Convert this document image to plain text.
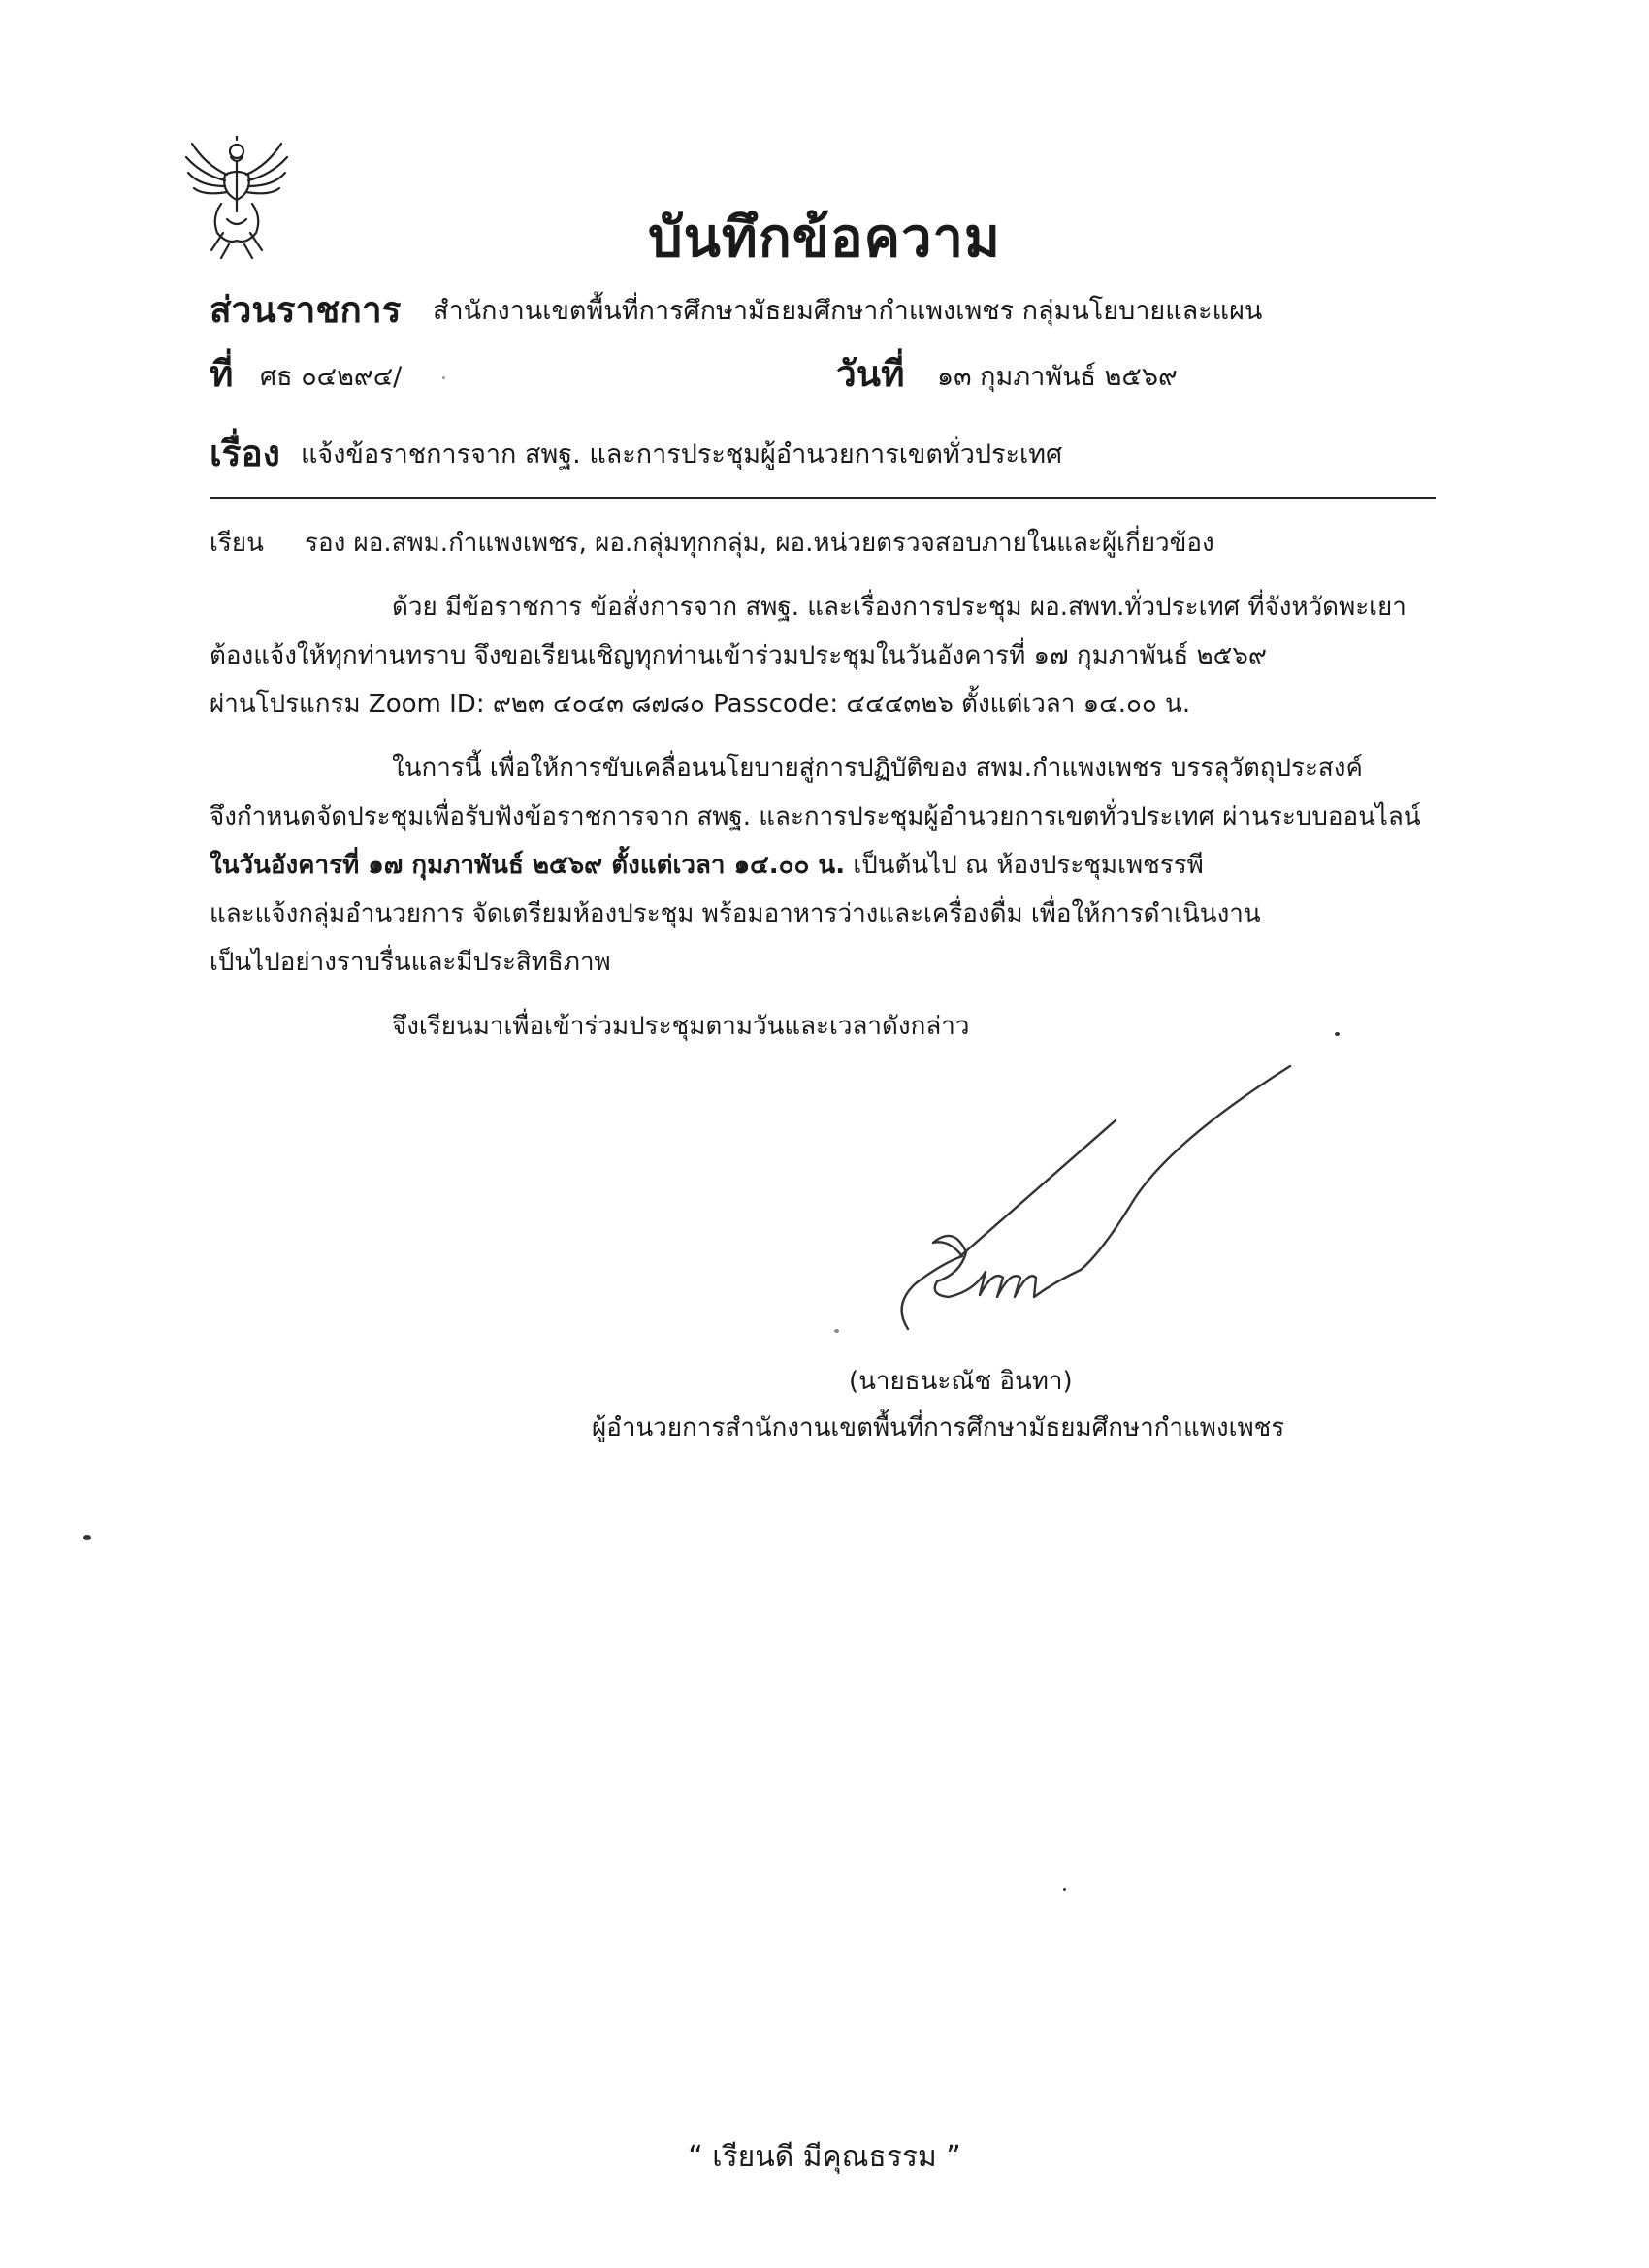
บันทึกข้อความ
ส่วนราชการ สำนักงานเขตพื้นที่การศึกษามัธยมศึกษากำแพงเพชร กลุ่มนโยบายและแผน
ที่ ศธ ๐๔๒๙๔/	วันที่ ๑๓ กุมภาพันธ์ ๒๕๖๙
เรื่อง แจ้งข้อราชการจาก สพฐ. และการประชุมผู้อำนวยการเขตทั่วประเทศ
เรียน รอง ผอ.สพม.กำแพงเพชร, ผอ.กลุ่มทุกกลุ่ม, ผอ.หน่วยตรวจสอบภายในและผู้เกี่ยวข้อง
ด้วย มีข้อราชการ ข้อสั่งการจาก สพฐ. และเรื่องการประชุม ผอ.สพท.ทั่วประเทศ ที่จังหวัดพะเยา
ต้องแจ้งให้ทุกท่านทราบ จึงขอเรียนเชิญทุกท่านเข้าร่วมประชุมในวันอังคารที่ ๑๗ กุมภาพันธ์ ๒๕๖๙
ผ่านโปรแกรม Zoom ID: ๙๒๓ ๔๐๔๓ ๘๗๘๐ Passcode: ๔๔๔๓๒๖ ตั้งแต่เวลา ๑๔.๐๐ น.
ในการนี้ เพื่อให้การขับเคลื่อนนโยบายสู่การปฏิบัติของ สพม.กำแพงเพชร บรรลุวัตถุประสงค์
จึงกำหนดจัดประชุมเพื่อรับฟังข้อราชการจาก สพฐ. และการประชุมผู้อำนวยการเขตทั่วประเทศ ผ่านระบบออนไลน์
ในวันอังคารที่ ๑๗ กุมภาพันธ์ ๒๕๖๙ ตั้งแต่เวลา ๑๔.๐๐ น. เป็นต้นไป ณ ห้องประชุมเพชรรพี
และแจ้งกลุ่มอำนวยการ จัดเตรียมห้องประชุม พร้อมอาหารว่างและเครื่องดื่ม เพื่อให้การดำเนินงาน
เป็นไปอย่างราบรื่นและมีประสิทธิภาพ
จึงเรียนมาเพื่อเข้าร่วมประชุมตามวันและเวลาดังกล่าว
(นายธนะณัช อินทา)
ผู้อำนวยการสำนักงานเขตพื้นที่การศึกษามัธยมศึกษากำแพงเพชร
“ เรียนดี มีคุณธรรม ”
